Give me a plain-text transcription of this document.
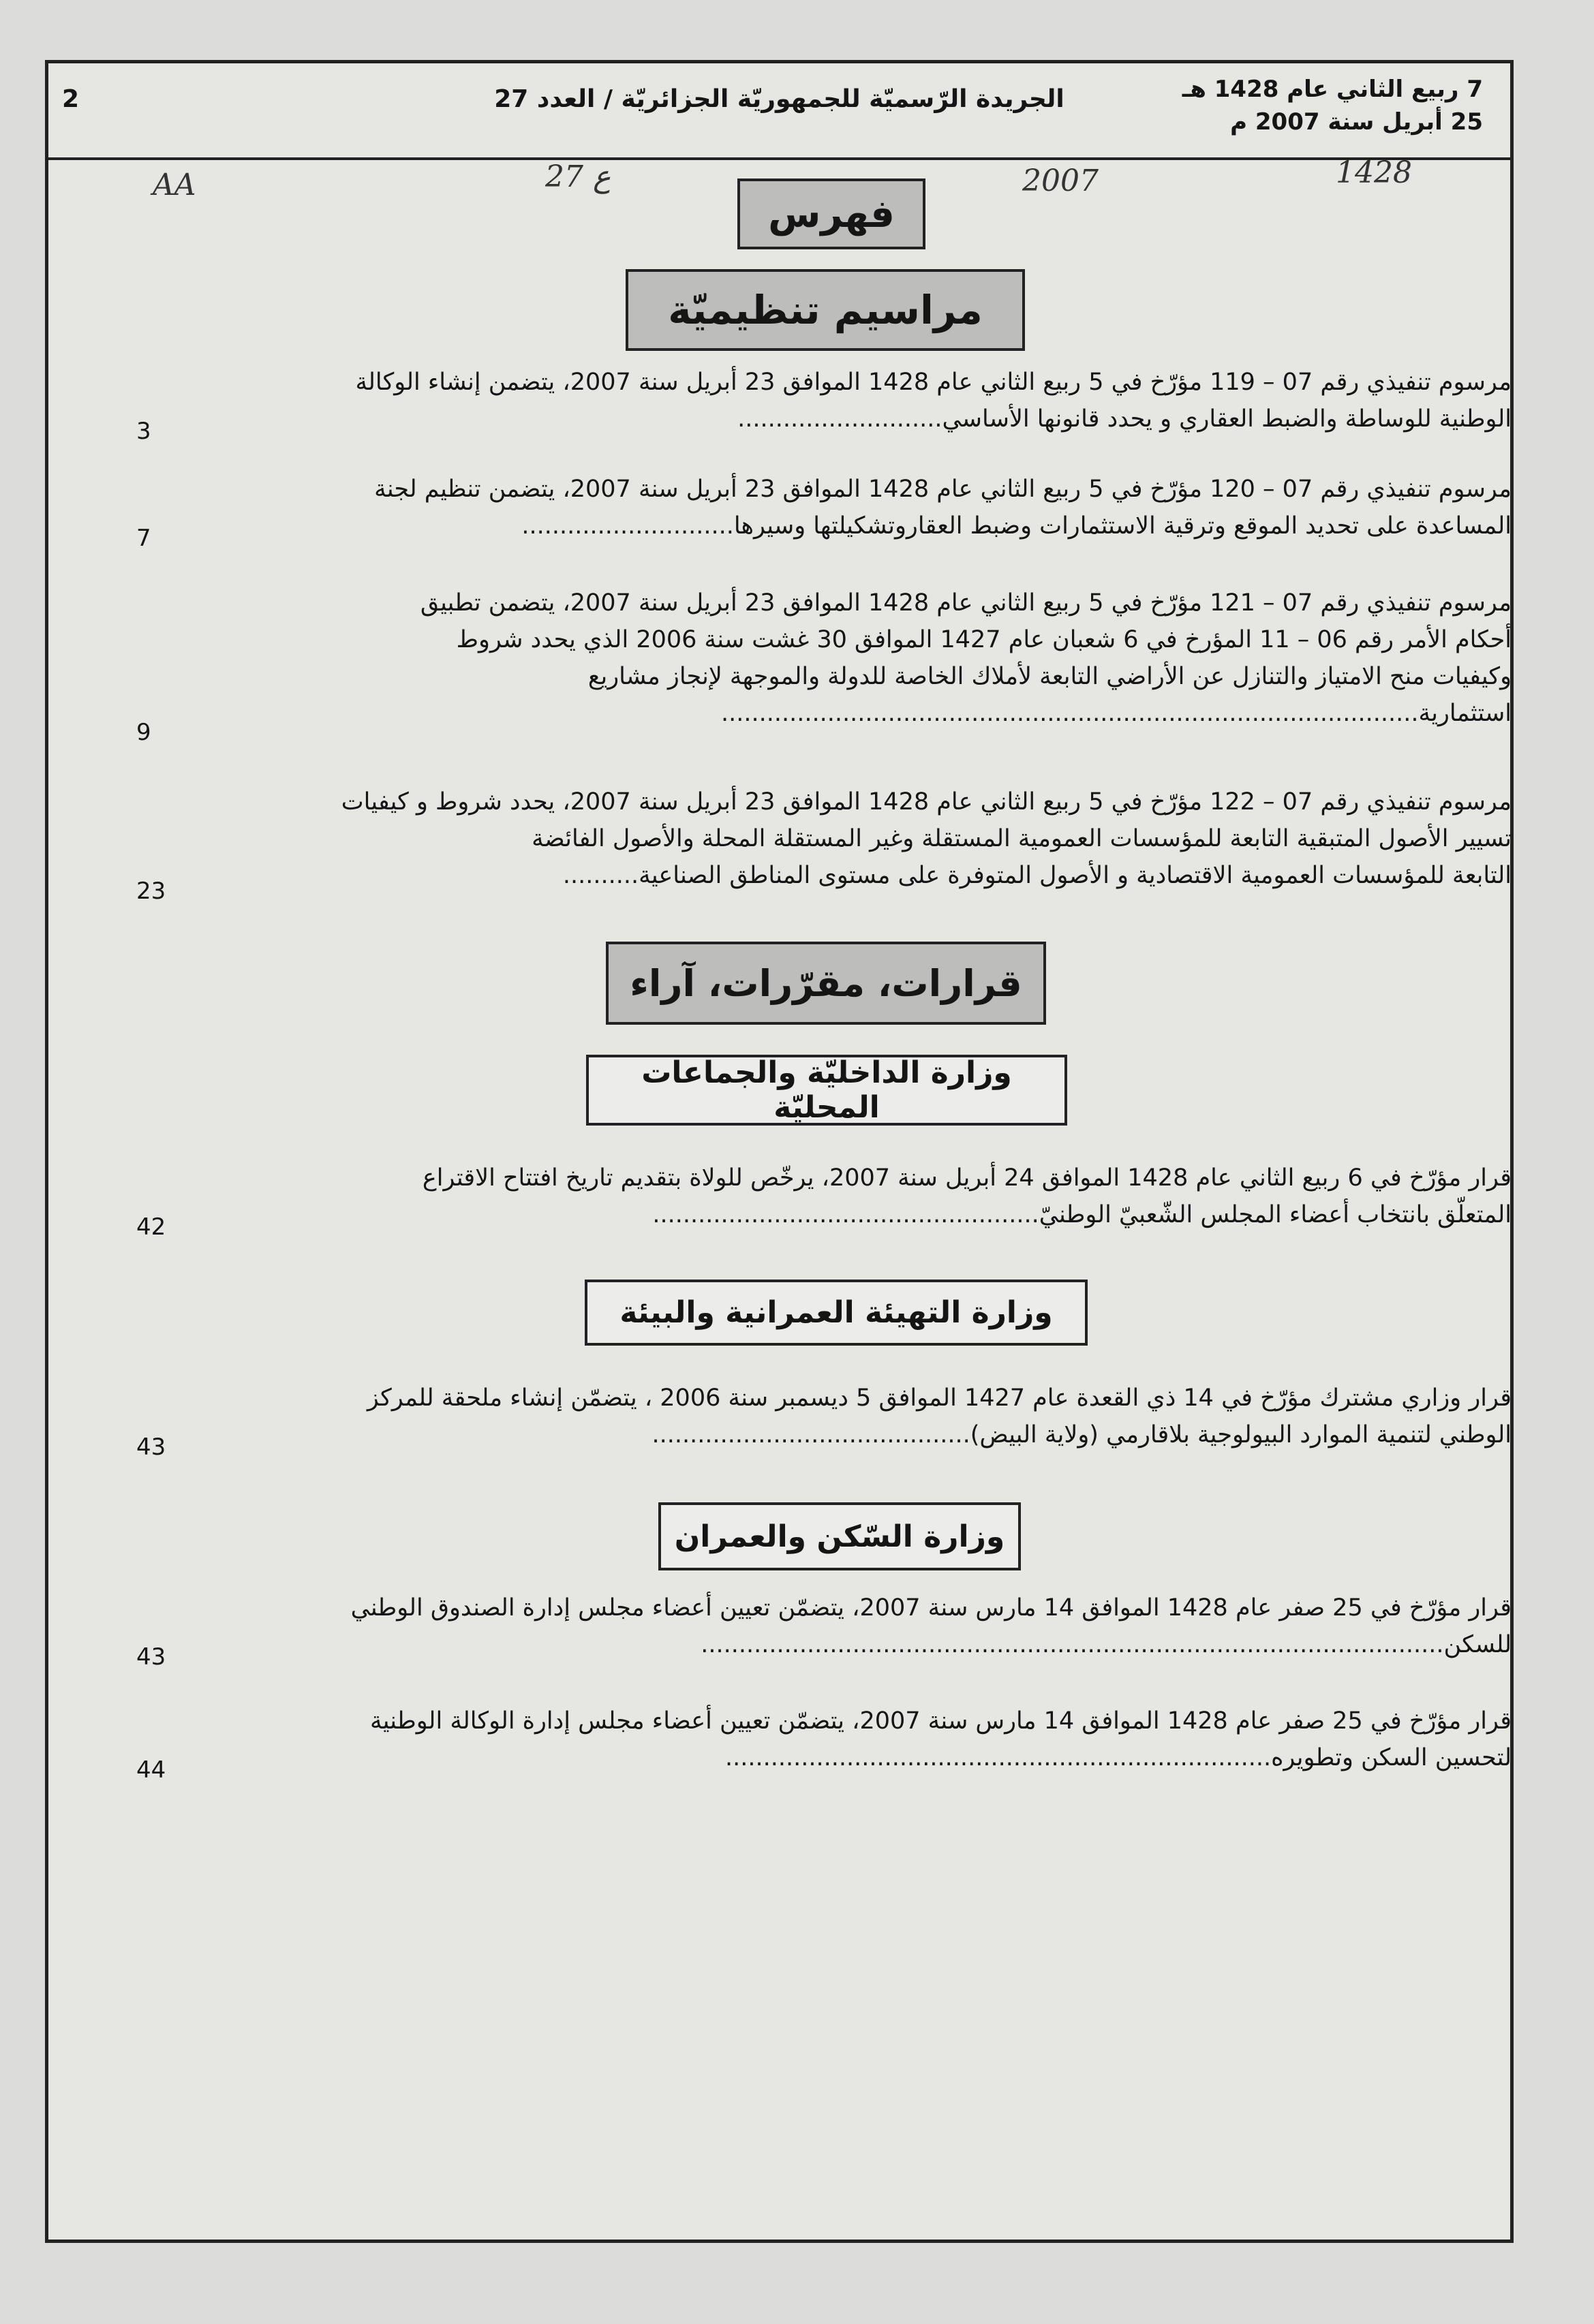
2	الجريدة الرّسميّة للجمهوريّة الجزائريّة / العدد 27	7 ربيع الثاني عام 1428 هـ
25 أبريل سنة 2007 م
AA	27 ع	2007	1428
فهرس
مراسيم تنظيميّة
مرسوم تنفيذي رقم 07 – 119 مؤرّخ في 5 ربيع الثاني عام 1428 الموافق 23 أبريل سنة 2007، يتضمن إنشاء الوكالة
الوطنية للوساطة والضبط العقاري و يحدد قانونها الأساسي...........................
3
مرسوم تنفيذي رقم 07 – 120 مؤرّخ في 5 ربيع الثاني عام 1428 الموافق 23 أبريل سنة 2007، يتضمن تنظيم لجنة
المساعدة على تحديد الموقع وترقية الاستثمارات وضبط العقاروتشكيلتها وسيرها............................
7
مرسوم تنفيذي رقم 07 – 121 مؤرّخ في 5 ربيع الثاني عام 1428 الموافق 23 أبريل سنة 2007، يتضمن تطبيق
أحكام الأمر رقم 06 – 11 المؤرخ في 6 شعبان عام 1427 الموافق 30 غشت سنة 2006 الذي يحدد شروط
وكيفيات منح الامتياز والتنازل عن الأراضي التابعة لأملاك الخاصة للدولة والموجهة لإنجاز مشاريع
استثمارية............................................................................................
9
مرسوم تنفيذي رقم 07 – 122 مؤرّخ في 5 ربيع الثاني عام 1428 الموافق 23 أبريل سنة 2007، يحدد شروط و كيفيات
تسيير الأصول المتبقية التابعة للمؤسسات العمومية المستقلة وغير المستقلة المحلة والأصول الفائضة
التابعة للمؤسسات العمومية الاقتصادية و الأصول المتوفرة على مستوى المناطق الصناعية..........
23
قرارات، مقرّرات، آراء
وزارة الداخليّة والجماعات المحليّة
قرار مؤرّخ في 6 ربيع الثاني عام 1428 الموافق 24 أبريل سنة 2007، يرخّص للولاة بتقديم تاريخ افتتاح الاقتراع
المتعلّق بانتخاب أعضاء المجلس الشّعبيّ الوطنيّ...................................................
42
وزارة التهيئة العمرانية والبيئة
قرار وزاري مشترك مؤرّخ في 14 ذي القعدة عام 1427 الموافق 5 ديسمبر سنة 2006 ، يتضمّن إنشاء ملحقة للمركز
الوطني لتنمية الموارد البيولوجية بلاقارمي (ولاية البيض)..........................................
43
وزارة السّكن والعمران
قرار مؤرّخ في 25 صفر عام 1428 الموافق 14 مارس سنة 2007، يتضمّن تعيين أعضاء مجلس إدارة الصندوق الوطني
للسكن..................................................................................................
43
قرار مؤرّخ في 25 صفر عام 1428 الموافق 14 مارس سنة 2007، يتضمّن تعيين أعضاء مجلس إدارة الوكالة الوطنية
لتحسين السكن وتطويره........................................................................
44
